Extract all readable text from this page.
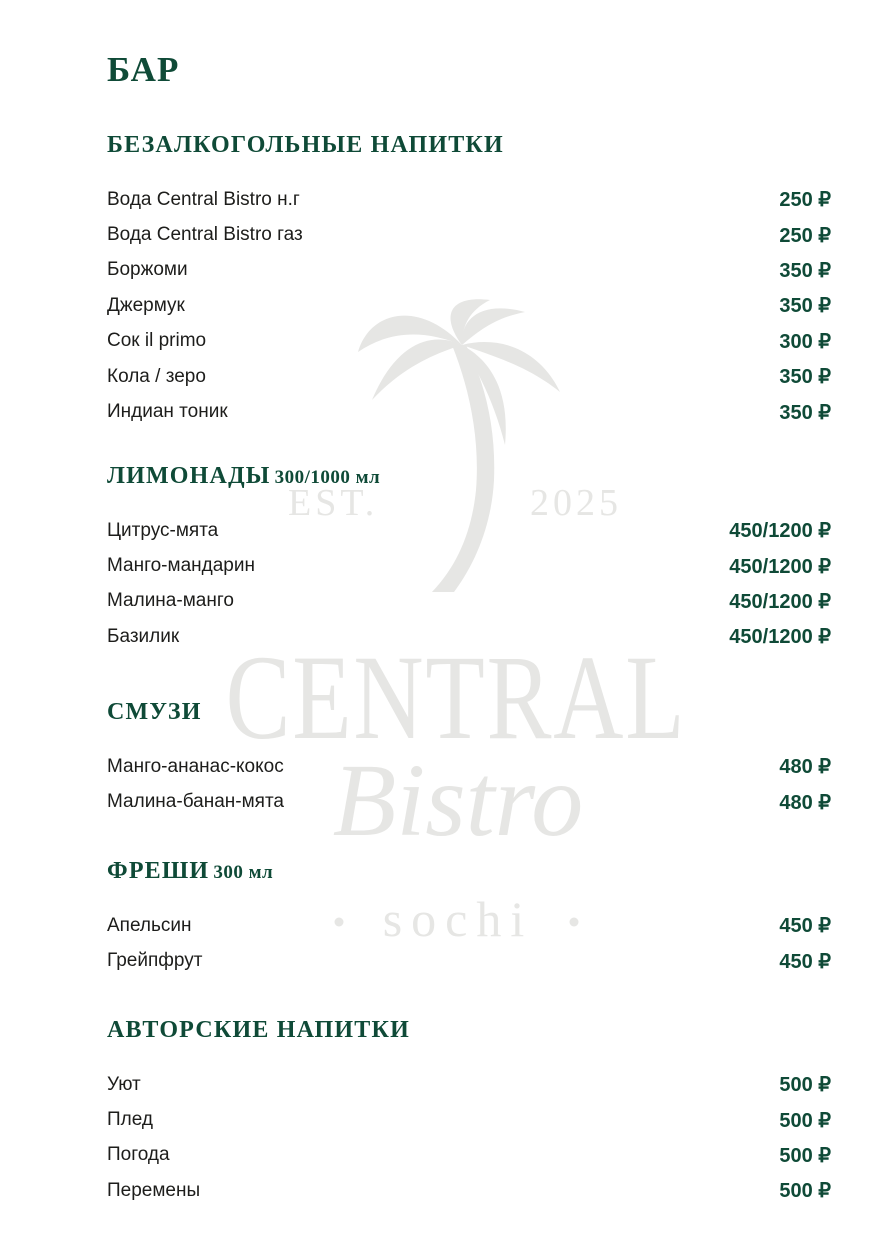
EST.	2025
CENTRAL
Bistro
sochi
БАР
БЕЗАЛКОГОЛЬНЫЕ НАПИТКИ
Вода Central Bistro н.г	250 ₽
Вода Central Bistro газ	250 ₽
Боржоми	350 ₽
Джермук	350 ₽
Сок il primo	300 ₽
Кола / зеро	350 ₽
Индиан тоник	350 ₽
ЛИМОНАДЫ 300/1000 мл
Цитрус-мята	450/1200 ₽
Манго-мандарин	450/1200 ₽
Малина-манго	450/1200 ₽
Базилик	450/1200 ₽
СМУЗИ
Манго-ананас-кокос	480 ₽
Малина-банан-мята	480 ₽
ФРЕШИ 300 мл
Апельсин	450 ₽
Грейпфрут	450 ₽
АВТОРСКИЕ НАПИТКИ
Уют	500 ₽
Плед	500 ₽
Погода	500 ₽
Перемены	500 ₽
